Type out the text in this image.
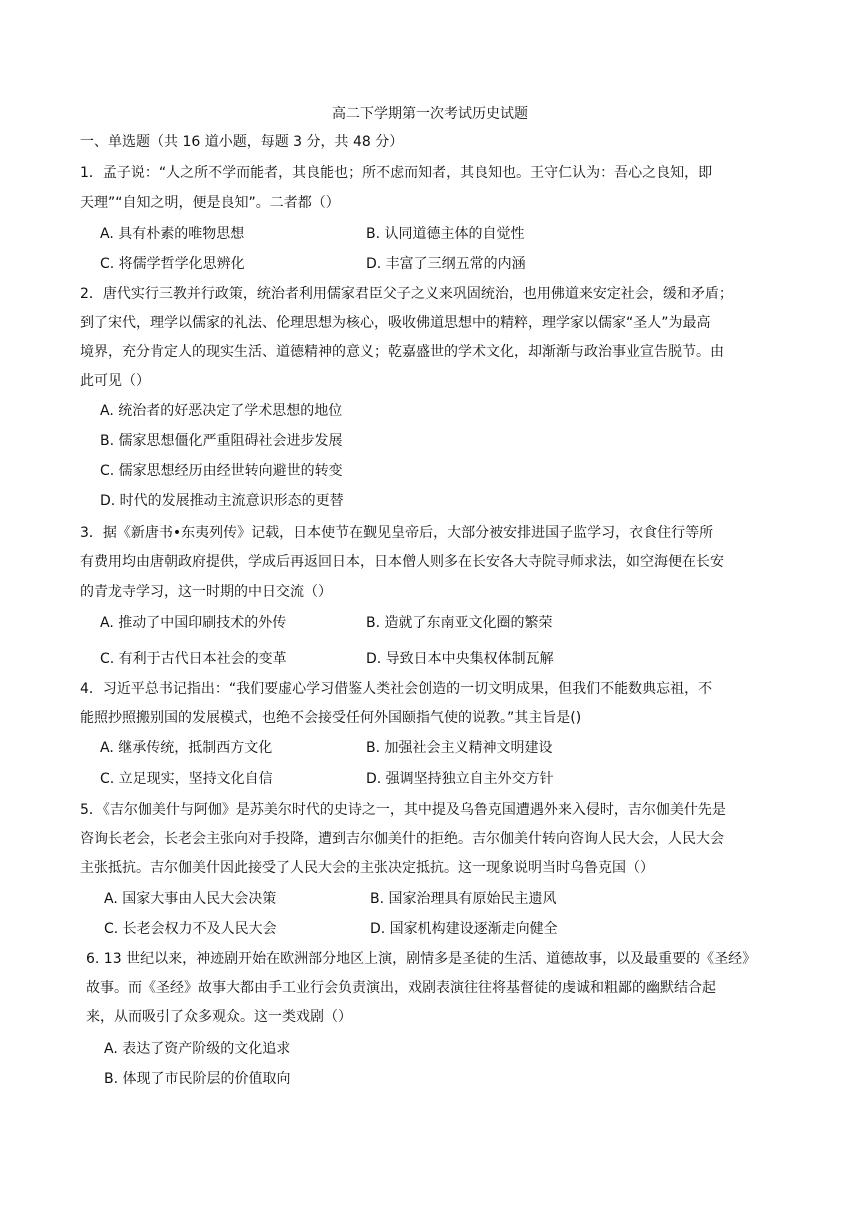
高二下学期第一次考试历史试题
一、单选题（共 16 道小题，每题 3 分，共 48 分）
1．孟子说：“人之所不学而能者，其良能也；所不虑而知者，其良知也。王守仁认为：吾心之良知，即
天理”“自知之明，便是良知”。二者都（）
A. 具有朴素的唯物思想	B. 认同道德主体的自觉性
C. 将儒学哲学化思辨化	D. 丰富了三纲五常的内涵
2．唐代实行三教并行政策，统治者利用儒家君臣父子之义来巩固统治，也用佛道来安定社会，缓和矛盾；
到了宋代，理学以儒家的礼法、伦理思想为核心，吸收佛道思想中的精粹，理学家以儒家“圣人”为最高
境界，充分肯定人的现实生活、道德精神的意义；乾嘉盛世的学术文化，却渐渐与政治事业宣告脱节。由
此可见（）
A. 统治者的好恶决定了学术思想的地位
B. 儒家思想僵化严重阻碍社会进步发展
C. 儒家思想经历由经世转向避世的转变
D. 时代的发展推动主流意识形态的更替
3．据《新唐书•东夷列传》记载，日本使节在觐见皇帝后，大部分被安排进国子监学习，衣食住行等所
有费用均由唐朝政府提供，学成后再返回日本，日本僧人则多在长安各大寺院寻师求法，如空海便在长安
的青龙寺学习，这一时期的中日交流（）
A. 推动了中国印刷技术的外传	B. 造就了东南亚文化圈的繁荣
C. 有利于古代日本社会的变革	D. 导致日本中央集权体制瓦解
4．习近平总书记指出：“我们要虚心学习借鉴人类社会创造的一切文明成果，但我们不能数典忘祖，不
能照抄照搬别国的发展模式，也绝不会接受任何外国颐指气使的说教。”其主旨是()
A. 继承传统，抵制西方文化	B. 加强社会主义精神文明建设
C. 立足现实，坚持文化自信	D. 强调坚持独立自主外交方针
5．《吉尔伽美什与阿伽》是苏美尔时代的史诗之一，其中提及乌鲁克国遭遇外来入侵时，吉尔伽美什先是
咨询长老会，长老会主张向对手投降，遭到吉尔伽美什的拒绝。吉尔伽美什转向咨询人民大会，人民大会
主张抵抗。吉尔伽美什因此接受了人民大会的主张决定抵抗。这一现象说明当时乌鲁克国（）
A. 国家大事由人民大会决策	B. 国家治理具有原始民主遗风
C. 长老会权力不及人民大会	D. 国家机构建设逐渐走向健全
6. 13 世纪以来，神迹剧开始在欧洲部分地区上演，剧情多是圣徒的生活、道德故事，以及最重要的《圣经》
故事。而《圣经》故事大都由手工业行会负责演出，戏剧表演往往将基督徒的虔诚和粗鄙的幽默结合起
来，从而吸引了众多观众。这一类戏剧（）
A. 表达了资产阶级的文化追求
B. 体现了市民阶层的价值取向
